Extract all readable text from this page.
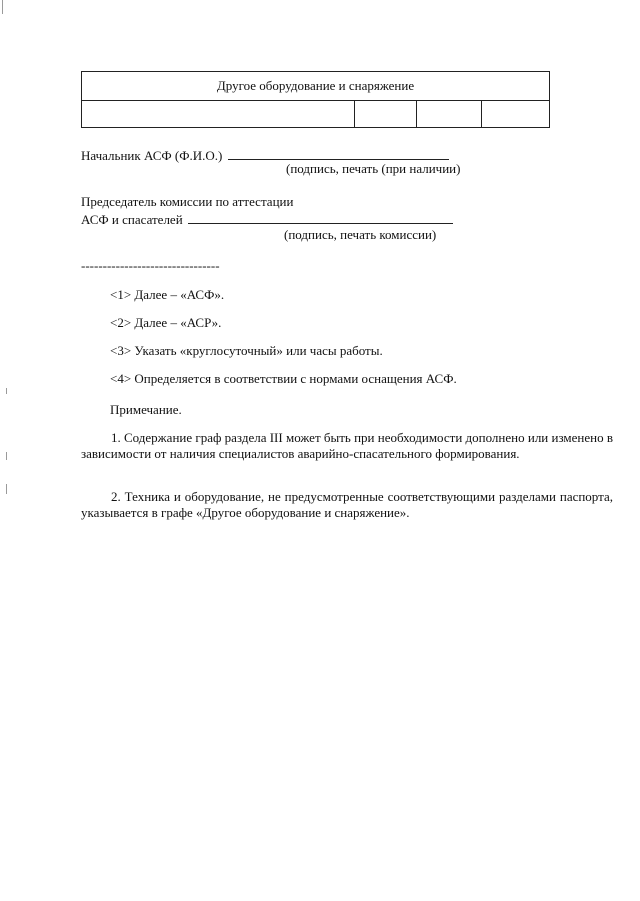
Другое оборудование и снаряжение

Начальник АСФ (Ф.И.О.)
(подпись, печать (при наличии)
Председатель комиссии по аттестации
АСФ и спасателей
(подпись, печать комиссии)
--------------------------------
<1> Далее – «АСФ».
<2> Далее – «АСР».
<3> Указать «круглосуточный» или часы работы.
<4> Определяется в соответствии с нормами оснащения АСФ.
Примечание.
1. Содержание граф раздела III может быть при необходимости дополнено или изменено в зависимости от наличия специалистов аварийно-спасательного формирования.
2. Техника и оборудование, не предусмотренные соответствующими разделами паспорта, указывается в графе «Другое оборудование и снаряжение».
